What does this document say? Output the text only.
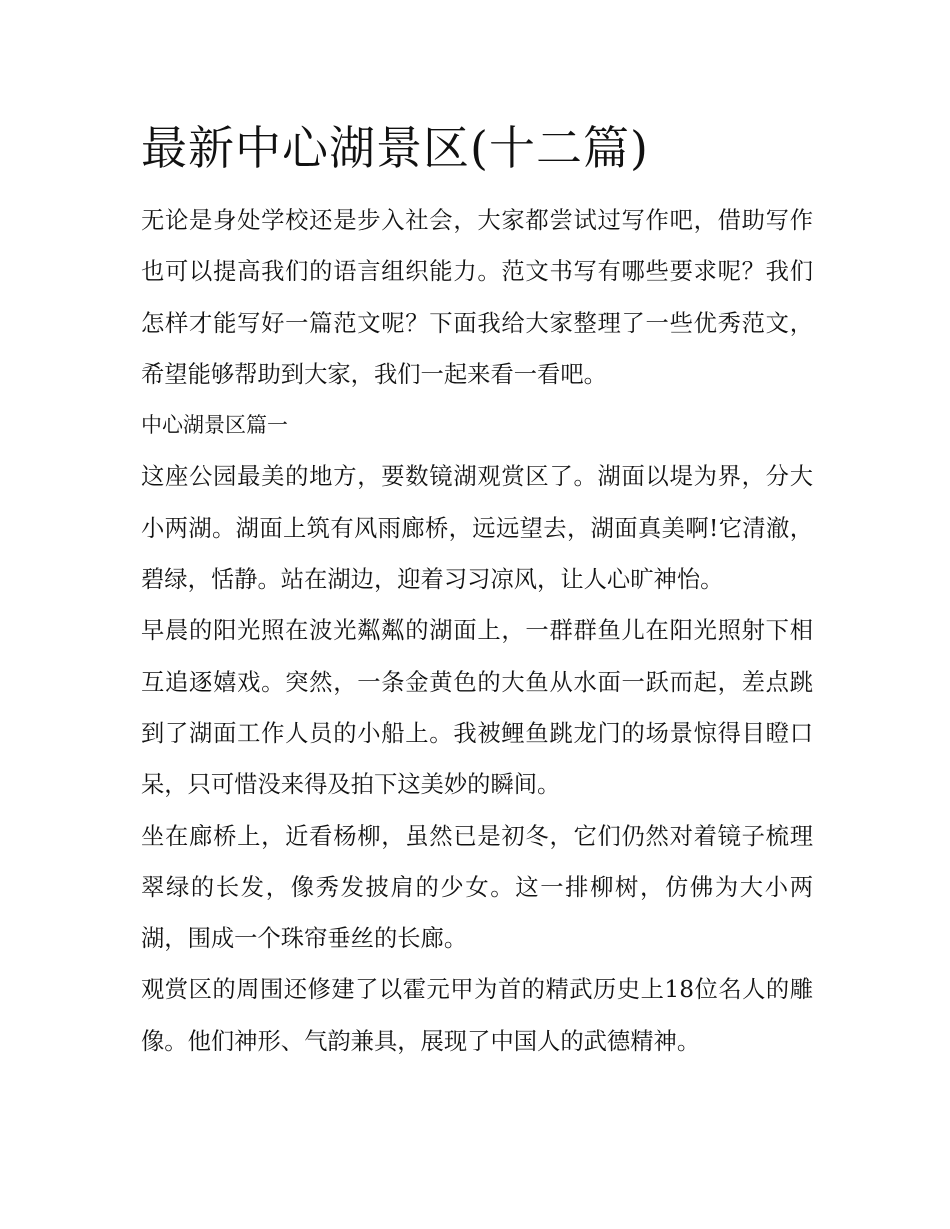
最新中心湖景区(十二篇)

无论是身处学校还是步入社会，大家都尝试过写作吧，借助写作也可以提高我们的语言组织能力。范文书写有哪些要求呢？我们怎样才能写好一篇范文呢？下面我给大家整理了一些优秀范文，希望能够帮助到大家，我们一起来看一看吧。

中心湖景区篇一

这座公园最美的地方，要数镜湖观赏区了。湖面以堤为界，分大小两湖。湖面上筑有风雨廊桥，远远望去，湖面真美啊!它清澈，碧绿，恬静。站在湖边，迎着习习凉风，让人心旷神怡。

早晨的阳光照在波光粼粼的湖面上，一群群鱼儿在阳光照射下相互追逐嬉戏。突然，一条金黄色的大鱼从水面一跃而起，差点跳到了湖面工作人员的小船上。我被鲤鱼跳龙门的场景惊得目瞪口呆，只可惜没来得及拍下这美妙的瞬间。

坐在廊桥上，近看杨柳，虽然已是初冬，它们仍然对着镜子梳理翠绿的长发，像秀发披肩的少女。这一排柳树，仿佛为大小两湖，围成一个珠帘垂丝的长廊。

观赏区的周围还修建了以霍元甲为首的精武历史上18位名人的雕像。他们神形、气韵兼具，展现了中国人的武德精神。
